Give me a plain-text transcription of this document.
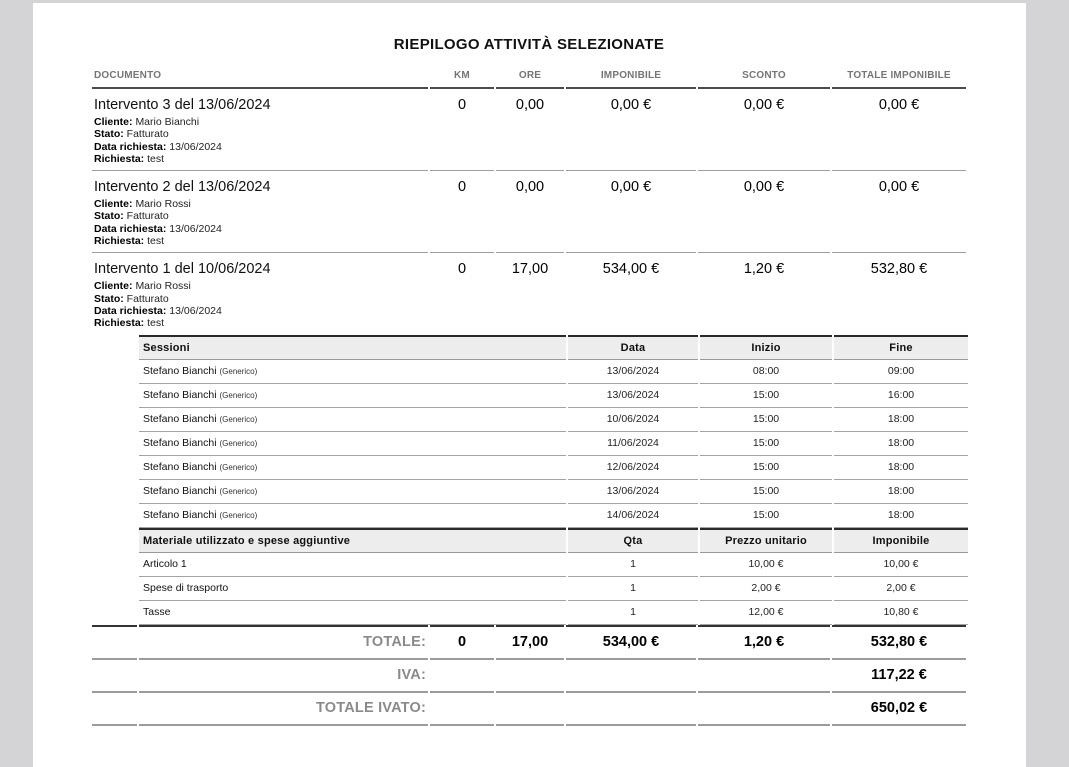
RIEPILOGO ATTIVITÀ SELEZIONATE
DOCUMENTO	KM	ORE	IMPONIBILE	SCONTO	TOTALE IMPONIBILE

Intervento 3 del 13/06/2024
Cliente: Mario Bianchi
Stato: Fatturato
Data richiesta: 13/06/2024
Richiesta: test
	0	0,00	0,00 €	0,00 €	0,00 €

Intervento 2 del 13/06/2024
Cliente: Mario Rossi
Stato: Fatturato
Data richiesta: 13/06/2024
Richiesta: test
	0	0,00	0,00 €	0,00 €	0,00 €

Intervento 1 del 10/06/2024
Cliente: Mario Rossi
Stato: Fatturato
Data richiesta: 13/06/2024
Richiesta: test
	0	17,00	534,00 €	1,20 €	532,80 €

Sessioni	Data	Inizio	Fine
Stefano Bianchi (Generico)	13/06/2024	08:00	09:00
Stefano Bianchi (Generico)	13/06/2024	15:00	16:00
Stefano Bianchi (Generico)	10/06/2024	15:00	18:00
Stefano Bianchi (Generico)	11/06/2024	15:00	18:00
Stefano Bianchi (Generico)	12/06/2024	15:00	18:00
Stefano Bianchi (Generico)	13/06/2024	15:00	18:00
Stefano Bianchi (Generico)	14/06/2024	15:00	18:00
Materiale utilizzato e spese aggiuntive	Qta	Prezzo unitario	Imponibile
Articolo 1	1	10,00 €	10,00 €
Spese di trasporto	1	2,00 €	2,00 €
Tasse	1	12,00 €	10,80 €
	TOTALE:	0	17,00	534,00 €	1,20 €	532,80 €
	IVA:					117,22 €
	TOTALE IVATO:					650,02 €
